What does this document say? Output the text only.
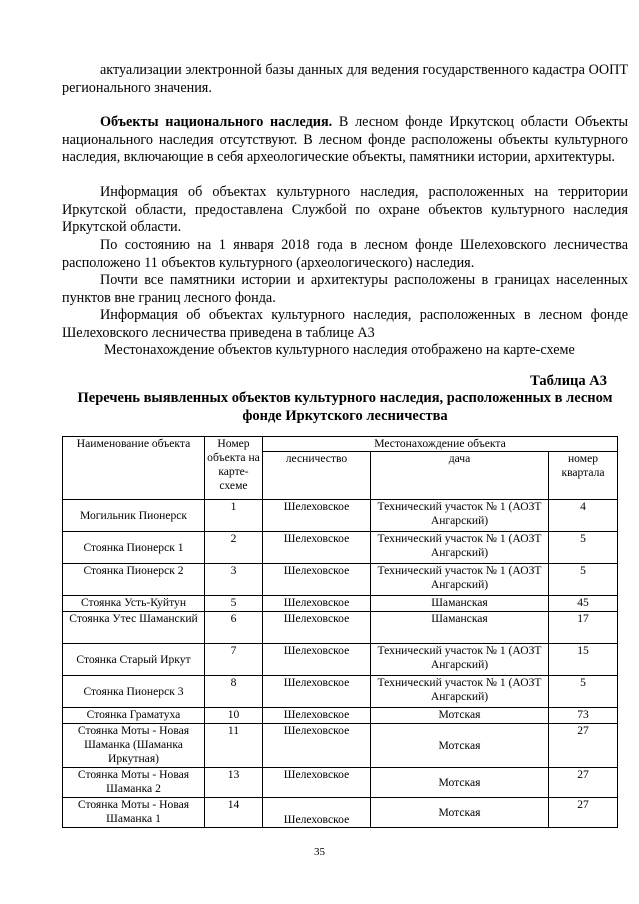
актуализации электронной базы данных для ведения государственного кадастра ООПТ регионального значения.

Объекты национального наследия. В лесном фонде Иркутскоц области Объекты национального наследия отсутствуют. В лесном фонде расположены объекты культурного наследия, включающие в себя археологические объекты, памятники истории, архитектуры.

Информация об объектах культурного наследия, расположенных на территории Иркутской области, предоставлена Службой по охране объектов культурного наследия Иркутской области.

По состоянию на 1 января 2018 года в лесном фонде Шелеховского лесничества расположено 11 объектов культурного (археологического) наследия.

Почти все памятники истории и архитектуры расположены в границах населенных пунктов вне границ лесного фонда.

Информация об объектах культурного наследия, расположенных в лесном фонде Шелеховского лесничества приведена в таблице А3

Местонахождение объектов культурного наследия отображено на карте-схеме

Таблица А3
Перечень выявленных объектов культурного наследия, расположенных в лесном фонде Иркутского лесничества
Наименование объекта	Номер объекта на карте-схеме	Местонахождение объекта		
		лесничество	дача	номер квартала
Могильник Пионерск	1	Шелеховское	Технический участок № 1 (АОЗТ Ангарский)	4
Стоянка Пионерск 1	2	Шелеховское	Технический участок № 1 (АОЗТ Ангарский)	5
Стоянка Пионерск 2	3	Шелеховское	Технический участок № 1 (АОЗТ Ангарский)	5
Стоянка Усть-Куйтун	5	Шелеховское	Шаманская	45
Стоянка Утес Шаманский	6	Шелеховское	Шаманская	17
Стоянка Старый Иркут	7	Шелеховское	Технический участок № 1 (АОЗТ Ангарский)	15
Стоянка Пионерск 3	8	Шелеховское	Технический участок № 1 (АОЗТ Ангарский)	5
Стоянка Граматуха	10	Шелеховское	Мотская	73
Стоянка Моты - Новая Шаманка (Шаманка Иркутная)	11	Шелеховское	Мотская	27
Стоянка Моты - Новая Шаманка 2	13	Шелеховское	Мотская	27
Стоянка Моты - Новая Шаманка 1	14	Шелеховское	Мотская	27
35
